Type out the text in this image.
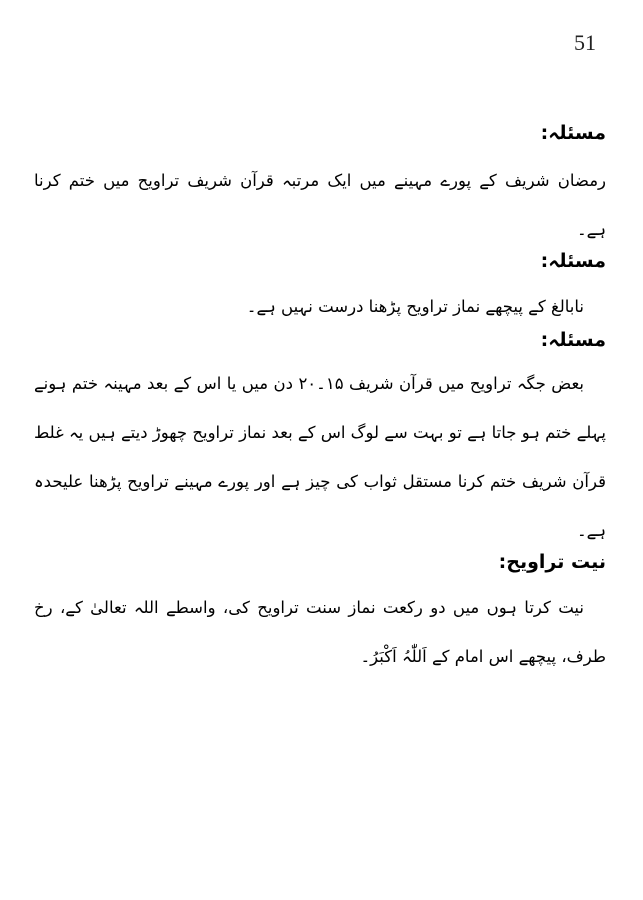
51
مسئلہ:
رمضان شریف کے پورے مہینے میں ایک مرتبہ قرآن شریف تراویح میں ختم کرنا
ہے۔
مسئلہ:
نابالغ کے پیچھے نماز تراویح پڑھنا درست نہیں ہے۔
مسئلہ:
بعض جگہ تراویح میں قرآن شریف ۱۵۔۲۰ دن میں یا اس کے بعد مہینہ ختم ہونے
پہلے ختم ہو جاتا ہے تو بہت سے لوگ اس کے بعد نماز تراویح چھوڑ دیتے ہیں یہ غلط
قرآن شریف ختم کرنا مستقل ثواب کی چیز ہے اور پورے مہینے تراویح پڑھنا علیحدہ
ہے۔
نیت تراویح:
نیت کرتا ہوں میں دو رکعت نماز سنت تراویح کی، واسطے اللہ تعالیٰ کے، رخ
طرف، پیچھے اس امام کے اَللّٰہُ اَکْبَرُ۔
